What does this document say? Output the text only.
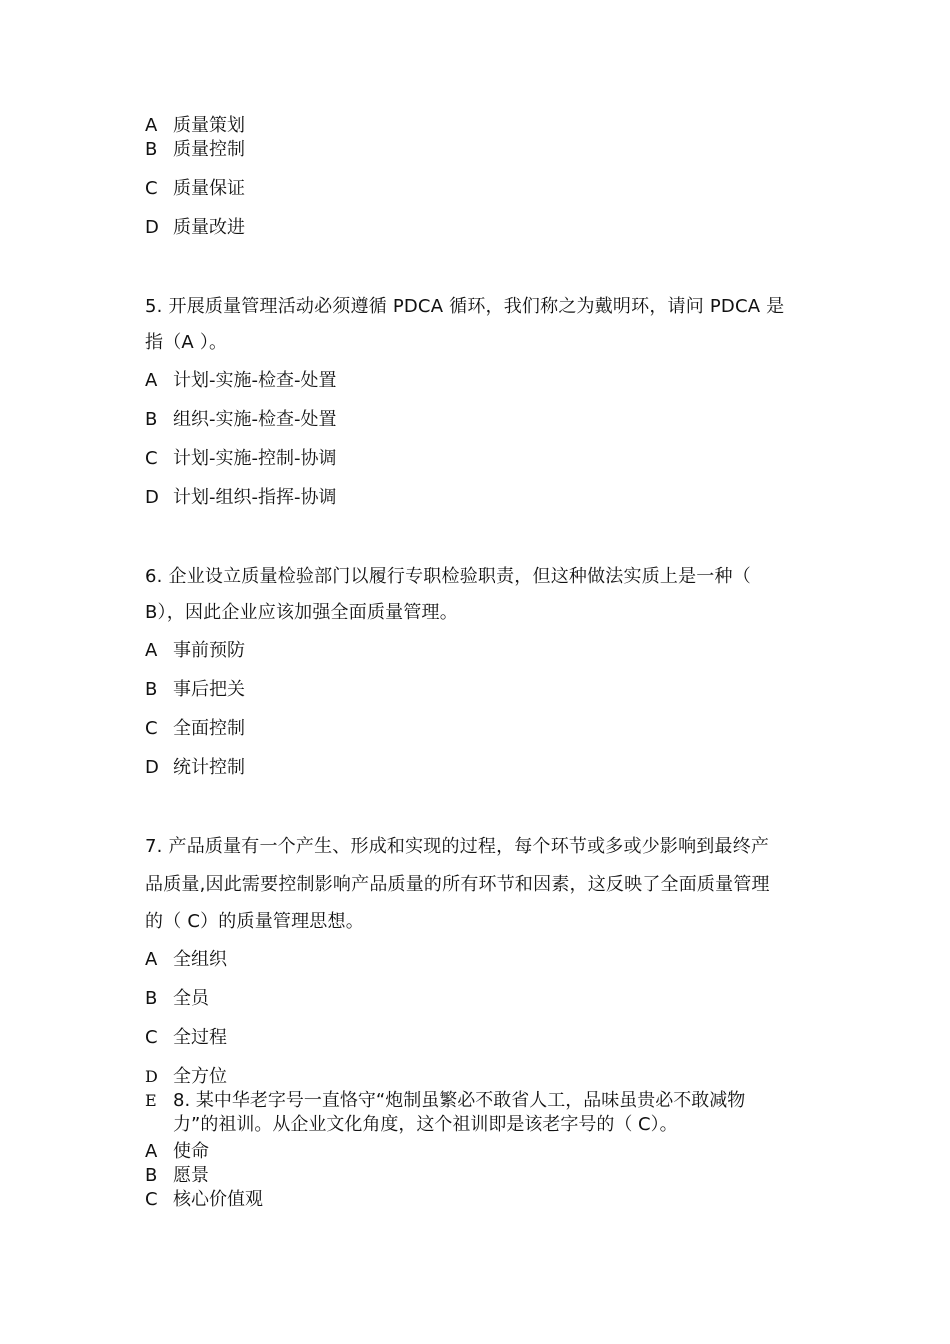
A 质量策划
B 质量控制
C 质量保证
D 质量改进
5. 开展质量管理活动必须遵循 PDCA 循环，我们称之为戴明环，请问 PDCA 是
指（A ）。
A 计划-实施-检查-处置
B 组织-实施-检查-处置
C 计划-实施-控制-协调
D 计划-组织-指挥-协调
6. 企业设立质量检验部门以履行专职检验职责，但这种做法实质上是一种（
B），因此企业应该加强全面质量管理。
A 事前预防
B 事后把关
C 全面控制
D 统计控制
7. 产品质量有一个产生、形成和实现的过程，每个环节或多或少影响到最终产
品质量,因此需要控制影响产品质量的所有环节和因素，这反映了全面质量管理
的（ C）的质量管理思想。
A 全组织
B 全员
C 全过程
D 全方位
E 8. 某中华老字号一直恪守“炮制虽繁必不敢省人工，品味虽贵必不敢减物
力”的祖训。从企业文化角度，这个祖训即是该老字号的（ C）。
A 使命
B 愿景
C 核心价值观
